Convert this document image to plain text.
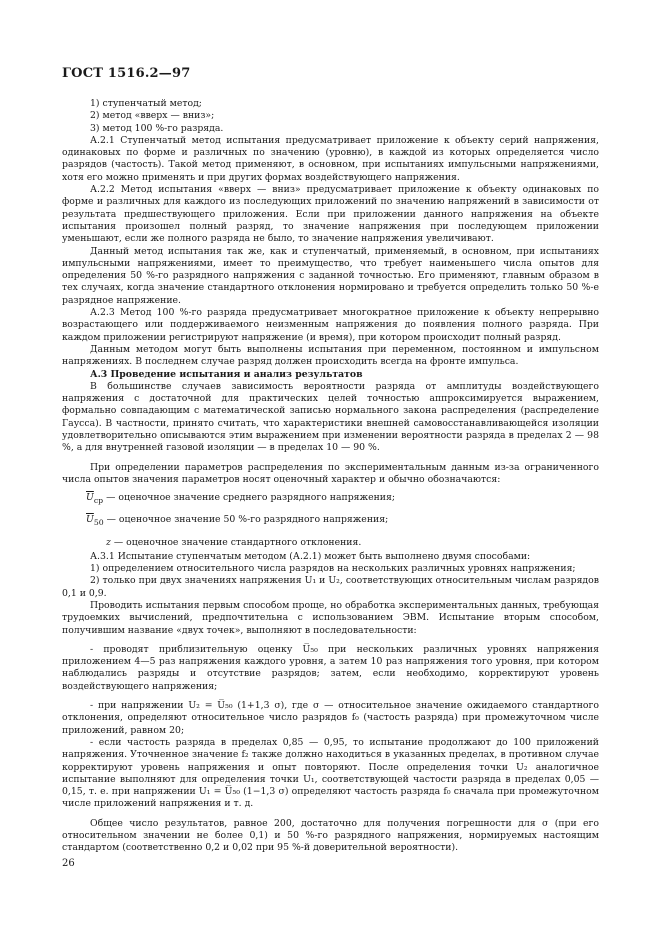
ГОСТ 1516.2—97

1) ступенчатый метод;

2) метод «вверх — вниз»;

3) метод 100 %-го разряда.

А.2.1 Ступенчатый метод испытания предусматривает приложение к объекту серий напряжения, одинаковых по форме и различных по значению (уровню), в каждой из которых определяется число разрядов (частость). Такой метод применяют, в основном, при испытаниях импульсными напряжениями, хотя его можно применять и при других формах воздействующего напряжения.

А.2.2 Метод испытания «вверх — вниз» предусматривает приложение к объекту одинаковых по форме и различных для каждого из последующих приложений по значению напряжений в зависимости от результата предшествующего приложения. Если при приложении данного напряжения на объекте испытания произошел полный разряд, то значение напряжения при последующем приложении уменьшают, если же полного разряда не было, то значение напряжения увеличивают.

Данный метод испытания так же, как и ступенчатый, применяемый, в основном, при испытаниях импульсными напряжениями, имеет то преимущество, что требует наименьшего числа опытов для определения 50 %-го разрядного напряжения с заданной точностью. Его применяют, главным образом в тех случаях, когда значение стандартного отклонения нормировано и требуется определить только 50 %-е разрядное напряжение.

А.2.3 Метод 100 %-го разряда предусматривает многократное приложение к объекту непрерывно возрастающего или поддерживаемого неизменным напряжения до появления полного разряда. При каждом приложении регистрируют напряжение (и время), при котором происходит полный разряд.

Данным методом могут быть выполнены испытания при переменном, постоянном и импульсном напряжениях. В последнем случае разряд должен происходить всегда на фронте импульса.

А.3 Проведение испытания и анализ результатов

В большинстве случаев зависимость вероятности разряда от амплитуды воздействующего напряжения с достаточной для практических целей точностью аппроксимируется выражением, формально совпадающим с математической записью нормального закона распределения (распределение Гаусса). В частности, принято считать, что характеристики внешней самовосстанавливающейся изоляции удовлетворительно описываются этим выражением при изменении вероятности разряда в пределах 2 — 98 %, а для внутренней газовой изоляции — в пределах 10 — 90 %.

При определении параметров распределения по экспериментальным данным из-за ограниченного числа опытов значения параметров носят оценочный характер и обычно обозначаются:

$\overline{U}_{ср}$ — оценочное значение среднего разрядного напряжения;

$\overline{U}_{50}$ — оценочное значение 50 %-го разрядного напряжения;

z — оценочное значение стандартного отклонения.

А.3.1 Испытание ступенчатым методом (А.2.1) может быть выполнено двумя способами:

1) определением относительного числа разрядов на нескольких различных уровнях напряжения;

2) только при двух значениях напряжения U₁ и U₂, соответствующих относительным числам разрядов 0,1 и 0,9.

Проводить испытания первым способом проще, но обработка экспериментальных данных, требующая трудоемких вычислений, предпочтительна с использованием ЭВМ. Испытание вторым способом, получившим название «двух точек», выполняют в последовательности:

- проводят приблизительную оценку U̅₅₀ при нескольких различных уровнях напряжения приложением 4—5 раз напряжения каждого уровня, а затем 10 раз напряжения того уровня, при котором наблюдались разряды и отсутствие разрядов; затем, если необходимо, корректируют уровень воздействующего напряжения;

- при напряжении U₂ = U̅₅₀ (1+1,3 σ), где σ — относительное значение ожидаемого стандартного отклонения, определяют относительное число разрядов f₀ (частость разряда) при промежуточном числе приложений, равном 20;

- если частость разряда в пределах 0,85 — 0,95, то испытание продолжают до 100 приложений напряжения. Уточненное значение f₂ также должно находиться в указанных пределах, в противном случае корректируют уровень напряжения и опыт повторяют. После определения точки U₂ аналогичное испытание выполняют для определения точки U₁, соответствующей частости разряда в пределах 0,05 — 0,15, т. е. при напряжении U₁ = U̅₅₀ (1−1,3 σ) определяют частость разряда f₀ сначала при промежуточном числе приложений напряжения и т. д.

Общее число результатов, равное 200, достаточно для получения погрешности для σ (при его относительном значении не более 0,1) и 50 %-го разрядного напряжения, нормируемых настоящим стандартом (соответственно 0,2 и 0,02 при 95 %-й доверительной вероятности).

26
